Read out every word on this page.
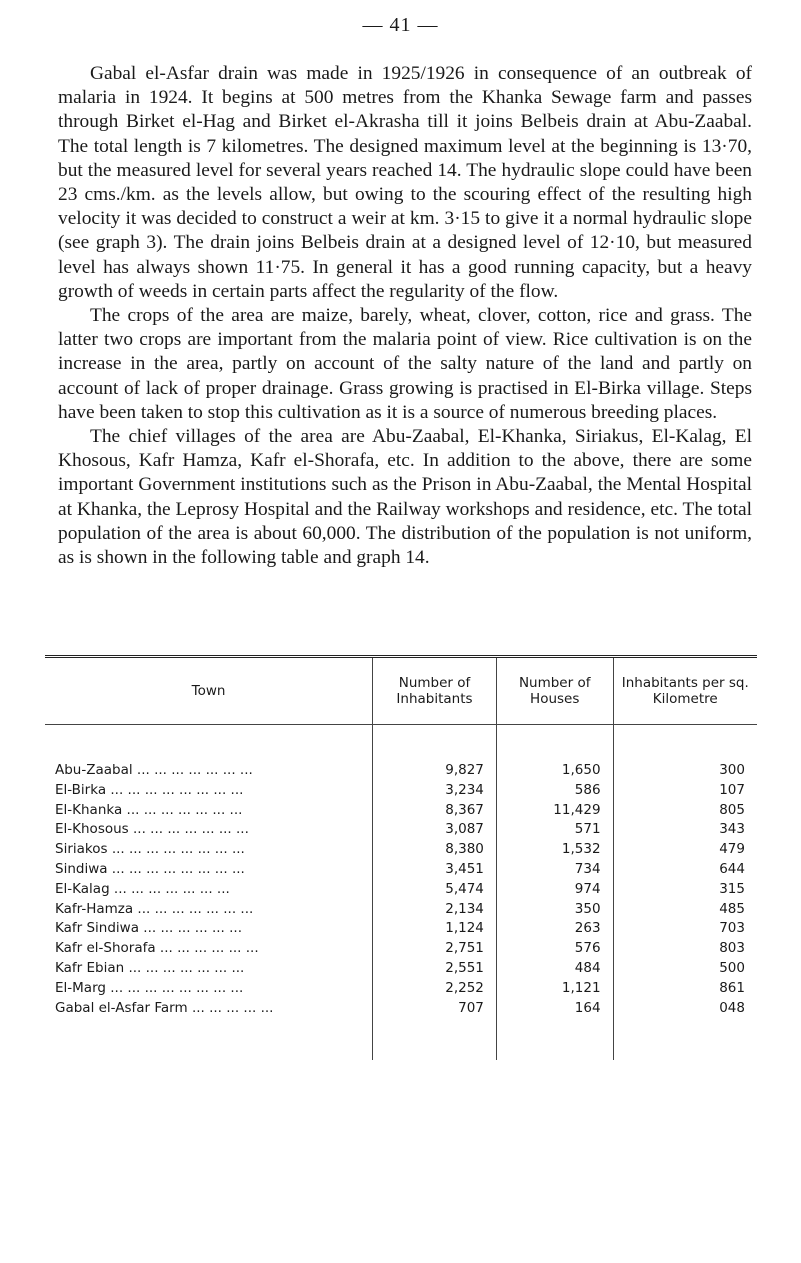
— 41 —

Gabal el-Asfar drain was made in 1925/1926 in consequence of an outbreak of malaria in 1924. It begins at 500 metres from the Khanka Sewage farm and passes through Birket el-Hag and Birket el-Akrasha till it joins Belbeis drain at Abu-Zaabal. The total length is 7 kilometres. The designed maximum level at the beginning is 13·70, but the measured level for several years reached 14. The hydraulic slope could have been 23 cms./km. as the levels allow, but owing to the scouring effect of the resulting high velocity it was decided to construct a weir at km. 3·15 to give it a normal hydraulic slope (see graph 3). The drain joins Belbeis drain at a designed level of 12·10, but measured level has always shown 11·75. In general it has a good running capacity, but a heavy growth of weeds in certain parts affect the regularity of the flow.

The crops of the area are maize, barely, wheat, clover, cotton, rice and grass. The latter two crops are important from the malaria point of view. Rice cultivation is on the increase in the area, partly on account of the salty nature of the land and partly on account of lack of proper drainage. Grass growing is practised in El-Birka village. Steps have been taken to stop this cultivation as it is a source of numerous breeding places.

The chief villages of the area are Abu-Zaabal, El-Khanka, Siriakus, El-Kalag, El Khosous, Kafr Hamza, Kafr el-Shorafa, etc. In addition to the above, there are some important Government institutions such as the Prison in Abu-Zaabal, the Mental Hospital at Khanka, the Leprosy Hospital and the Railway workshops and residence, etc. The total population of the area is about 60,000. The distribution of the population is not uniform, as is shown in the following table and graph 14.

Town	Number of Inhabitants	Number of Houses	Inhabitants per sq. Kilometre

Abu-Zaabal ... ... ... ... ... ... ...	9,827	1,650	300
El-Birka ... ... ... ... ... ... ... ...	3,234	586	107
El-Khanka ... ... ... ... ... ... ...	8,367	11,429	805
El-Khosous ... ... ... ... ... ... ...	3,087	571	343
Siriakos ... ... ... ... ... ... ... ...	8,380	1,532	479
Sindiwa ... ... ... ... ... ... ... ...	3,451	734	644
El-Kalag ... ... ... ... ... ... ...	5,474	974	315
Kafr-Hamza ... ... ... ... ... ... ...	2,134	350	485
Kafr Sindiwa ... ... ... ... ... ...	1,124	263	703
Kafr el-Shorafa ... ... ... ... ... ...	2,751	576	803
Kafr Ebian ... ... ... ... ... ... ...	2,551	484	500
El-Marg ... ... ... ... ... ... ... ...	2,252	1,121	861
Gabal el-Asfar Farm ... ... ... ... ...	707	164	048
